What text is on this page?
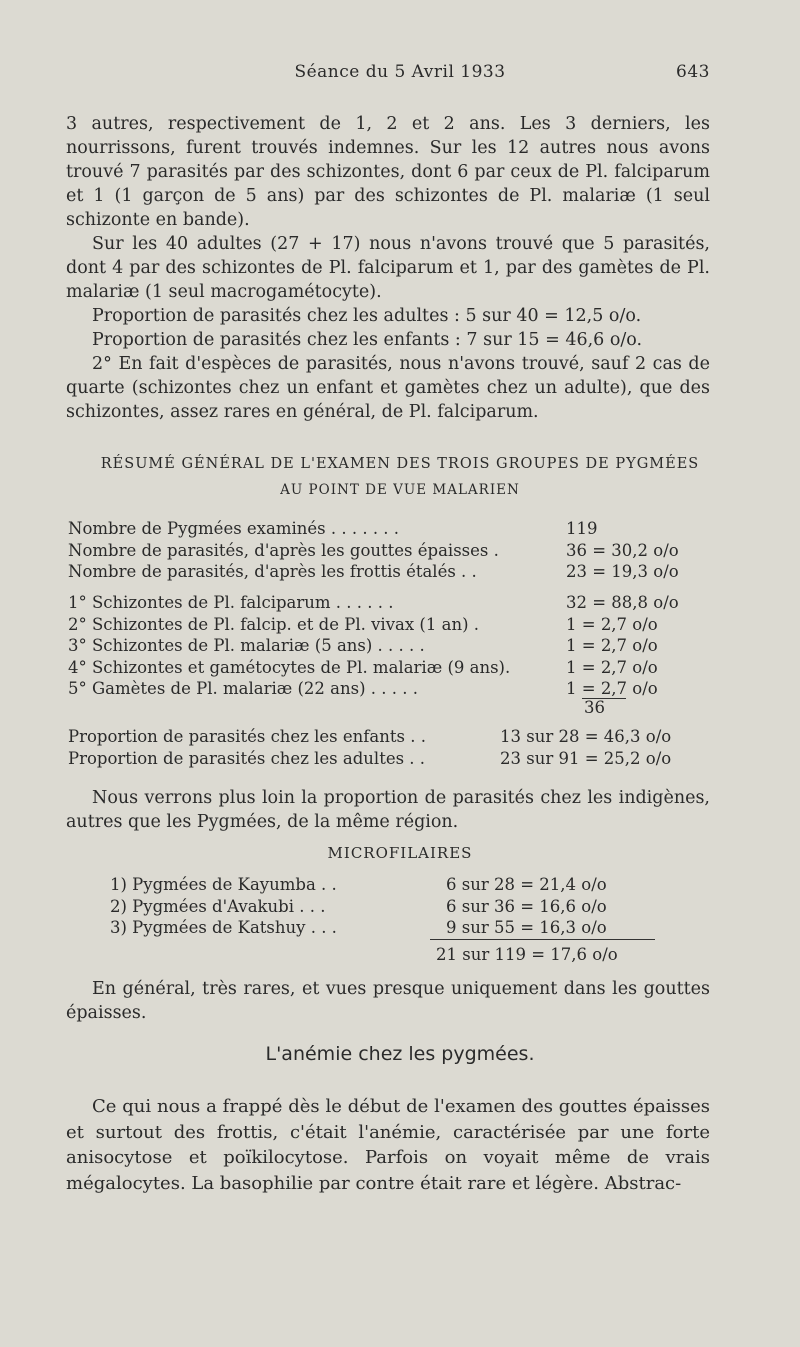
Séance du 5 Avril 1933	643

3 autres, respectivement de 1, 2 et 2 ans. Les 3 derniers, les nourrissons, furent trouvés indemnes. Sur les 12 autres nous avons trouvé 7 parasités par des schizontes, dont 6 par ceux de Pl. falciparum et 1 (1 garçon de 5 ans) par des schizontes de Pl. malariæ (1 seul schizonte en bande).

Sur les 40 adultes (27 + 17) nous n'avons trouvé que 5 parasités, dont 4 par des schizontes de Pl. falciparum et 1, par des gamètes de Pl. malariæ (1 seul macrogamétocyte).

Proportion de parasités chez les adultes : 5 sur 40 = 12,5 o/o.

Proportion de parasités chez les enfants : 7 sur 15 = 46,6 o/o.

2° En fait d'espèces de parasités, nous n'avons trouvé, sauf 2 cas de quarte (schizontes chez un enfant et gamètes chez un adulte), que des schizontes, assez rares en général, de Pl. falciparum.

RÉSUMÉ GÉNÉRAL DE L'EXAMEN DES TROIS GROUPES DE PYGMÉES
AU POINT DE VUE MALARIEN
Nombre de Pygmées examinés . . . . . . .	119
Nombre de parasités, d'après les gouttes épaisses .	36 = 30,2 o/o
Nombre de parasités, d'après les frottis étalés . .	23 = 19,3 o/o
1° Schizontes de Pl. falciparum . . . . . .	32 = 88,8 o/o
2° Schizontes de Pl. falcip. et de Pl. vivax (1 an) .	1 = 2,7 o/o
3° Schizontes de Pl. malariæ (5 ans) . . . . .	1 = 2,7 o/o
4° Schizontes et gamétocytes de Pl. malariæ (9 ans).	1 = 2,7 o/o
5° Gamètes de Pl. malariæ (22 ans) . . . . .	1 = 2,7 o/o
36
Proportion de parasités chez les enfants . .	13 sur 28 = 46,3 o/o
Proportion de parasités chez les adultes . .	23 sur 91 = 25,2 o/o

Nous verrons plus loin la proportion de parasités chez les indigènes, autres que les Pygmées, de la même région.

MICROFILAIRES
1) Pygmées de Kayumba . .	6 sur 28 = 21,4 o/o
2) Pygmées d'Avakubi . . .	6 sur 36 = 16,6 o/o
3) Pygmées de Katshuy . . .	9 sur 55 = 16,3 o/o
21 sur 119 = 17,6 o/o

En général, très rares, et vues presque uniquement dans les gouttes épaisses.

L'anémie chez les pygmées.

Ce qui nous a frappé dès le début de l'examen des gouttes épaisses et surtout des frottis, c'était l'anémie, caractérisée par une forte anisocytose et poïkilocytose. Parfois on voyait même de vrais mégalocytes. La basophilie par contre était rare et légère. Abstrac-
